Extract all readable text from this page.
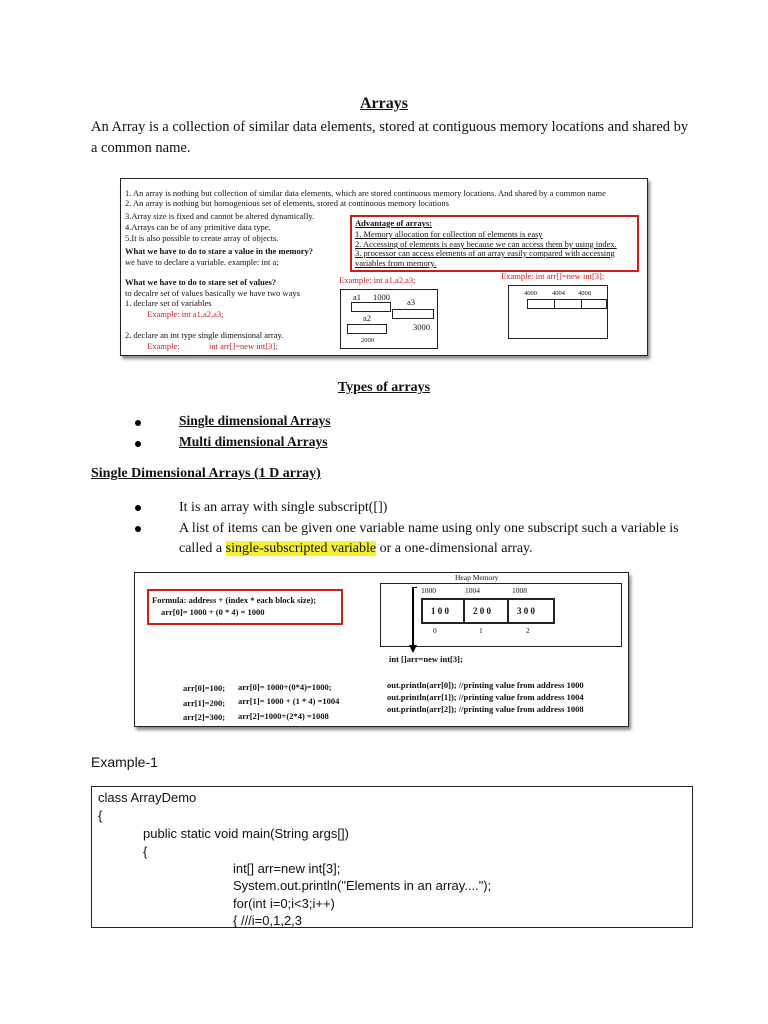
Arrays
An Array is a collection of similar data elements, stored at contiguous memory locations and shared by a common name.
1. An array is nothing but collection of similar data elements, which are stored continuous memory locations. And shared by a common name
2. An array is nothing but homogenious set of elements, stored at continuous memory locations
3.Array size is fixed and cannot be altered dynamically.
4.Arrays can be of any primitive data type.
5.It is also possible to create array of objects.
What we have to do to stare a value in the memory?
we have to declare a variable. example: int a;
What we have to do to stare set of values?
to decalre set of values basically we have two ways
1. declare set of variables
Example: int a1,a2,a3;
2. declare an int type single dimensional array.
Example:	int arr[]=new int[3];
Advantage of arrays:
1. Memory allocation for collection of elements is easy
2. Accessing of elements is easy because we can access them by using index.
3. processor can access elements of an array easily compared with accessing variables from memory.
Example: int a1,a2,a3;
a1 1000 a3
a2
3000
2000
Example: int arr[]=new int[3];
4000 4004 4008
Types of arrays
Single dimensional Arrays
Multi dimensional Arrays
Single Dimensional Arrays (1 D array)
It is an array with single subscript([])
A list of items can be given one variable name using only one subscript such a variable is called a single-subscripted variable or a one-dimensional array.
Formula: address + (index * each block size);
arr[0]= 1000 + (0 * 4) = 1000
Heap Memory
1000	1004	1008
1 0 0	2 0 0	3 0 0
0	1	2
int []arr=new int[3];
arr[0]=100;
arr[1]=200;
arr[2]=300;
arr[0]= 1000+(0*4)=1000;
arr[1]= 1000 + (1 * 4) =1004
arr[2]=1000+(2*4) =1008
out.println(arr[0]); //printing value from address 1000
out.println(arr[1]); //printing value from address 1004
out.println(arr[2]); //printing value from address 1008
Example-1
class ArrayDemo
{
public static void main(String args[])
{
int[] arr=new int[3];
System.out.println("Elements in an array....");
for(int i=0;i<3;i++)
{ ///i=0,1,2,3
